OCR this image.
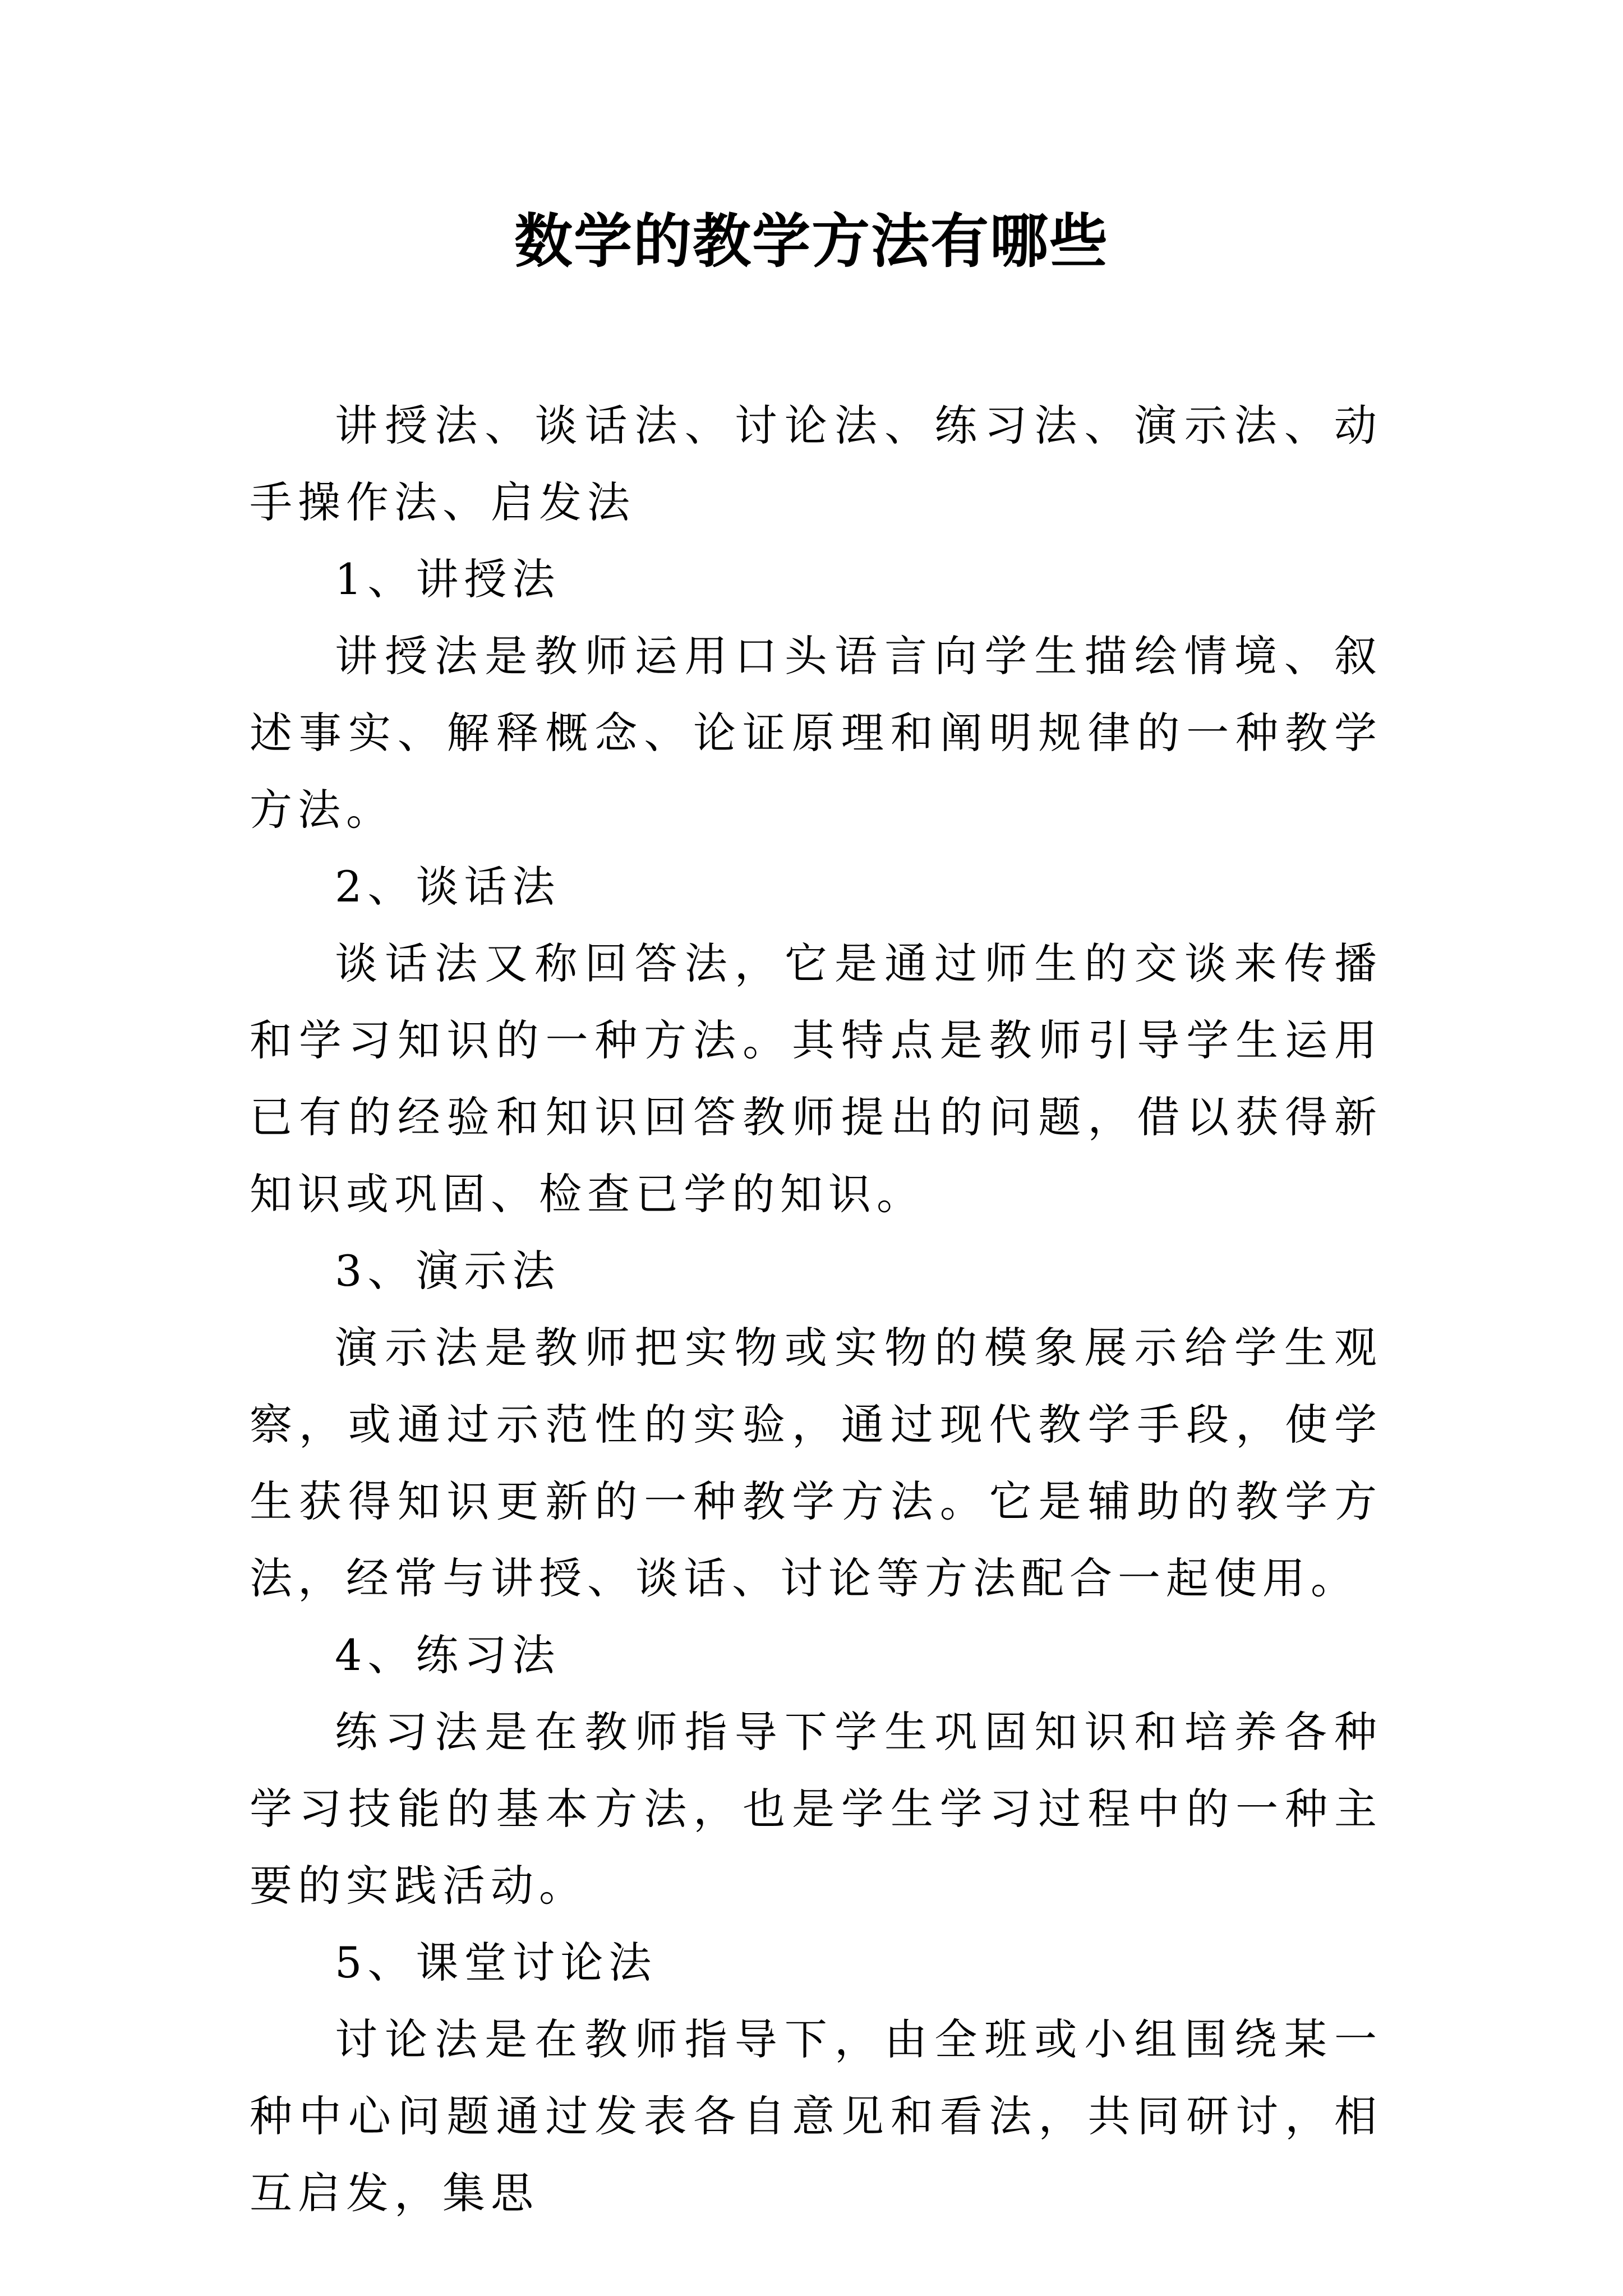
数学的教学方法有哪些

讲授法、谈话法、讨论法、练习法、演示法、动手操作法、启发法

1、讲授法

讲授法是教师运用口头语言向学生描绘情境、叙述事实、解释概念、论证原理和阐明规律的一种教学方法。

2、谈话法

谈话法又称回答法，它是通过师生的交谈来传播和学习知识的一种方法。其特点是教师引导学生运用已有的经验和知识回答教师提出的问题，借以获得新知识或巩固、检查已学的知识。

3、演示法

演示法是教师把实物或实物的模象展示给学生观察，或通过示范性的实验，通过现代教学手段，使学生获得知识更新的一种教学方法。它是辅助的教学方法，经常与讲授、谈话、讨论等方法配合一起使用。

4、练习法

练习法是在教师指导下学生巩固知识和培养各种学习技能的基本方法，也是学生学习过程中的一种主要的实践活动。

5、课堂讨论法

讨论法是在教师指导下，由全班或小组围绕某一种中心问题通过发表各自意见和看法，共同研讨，相互启发，集思
